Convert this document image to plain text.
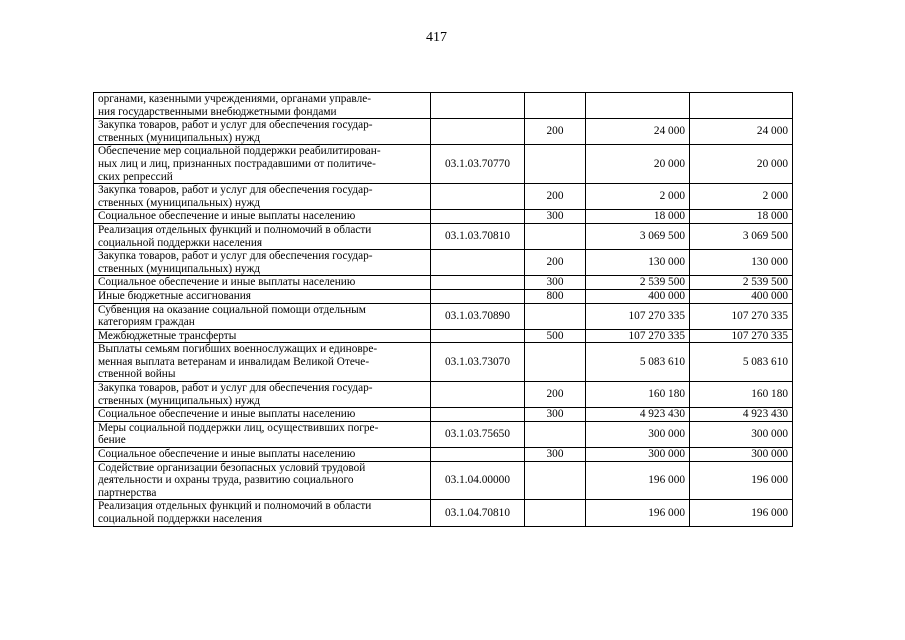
417
органами, казенными учреждениями, органами управле-
ния государственными внебюджетными фондами				

Закупка товаров, работ и услуг для обеспечения государ-
ственных (муниципальных) нужд		200	24 000	24 000

Обеспечение мер социальной поддержки реабилитирован-
ных лиц и лиц, признанных пострадавшими от политиче-
ских репрессий	03.1.03.70770		20 000	20 000

Закупка товаров, работ и услуг для обеспечения государ-
ственных (муниципальных) нужд		200	2 000	2 000

Социальное обеспечение и иные выплаты населению		300	18 000	18 000

Реализация отдельных функций и полномочий в области
социальной поддержки населения	03.1.03.70810		3 069 500	3 069 500

Закупка товаров, работ и услуг для обеспечения государ-
ственных (муниципальных) нужд		200	130 000	130 000

Социальное обеспечение и иные выплаты населению		300	2 539 500	2 539 500

Иные бюджетные ассигнования		800	400 000	400 000

Субвенция на оказание социальной помощи отдельным
категориям граждан	03.1.03.70890		107 270 335	107 270 335

Межбюджетные трансферты		500	107 270 335	107 270 335

Выплаты семьям погибших военнослужащих и единовре-
менная выплата ветеранам и инвалидам Великой Отече-
ственной войны	03.1.03.73070		5 083 610	5 083 610

Закупка товаров, работ и услуг для обеспечения государ-
ственных (муниципальных) нужд		200	160 180	160 180

Социальное обеспечение и иные выплаты населению		300	4 923 430	4 923 430

Меры социальной поддержки лиц, осуществивших погре-
бение	03.1.03.75650		300 000	300 000

Социальное обеспечение и иные выплаты населению		300	300 000	300 000

Содействие организации безопасных условий трудовой
деятельности и охраны труда, развитию социального
партнерства	03.1.04.00000		196 000	196 000

Реализация отдельных функций и полномочий в области
социальной поддержки населения	03.1.04.70810		196 000	196 000
